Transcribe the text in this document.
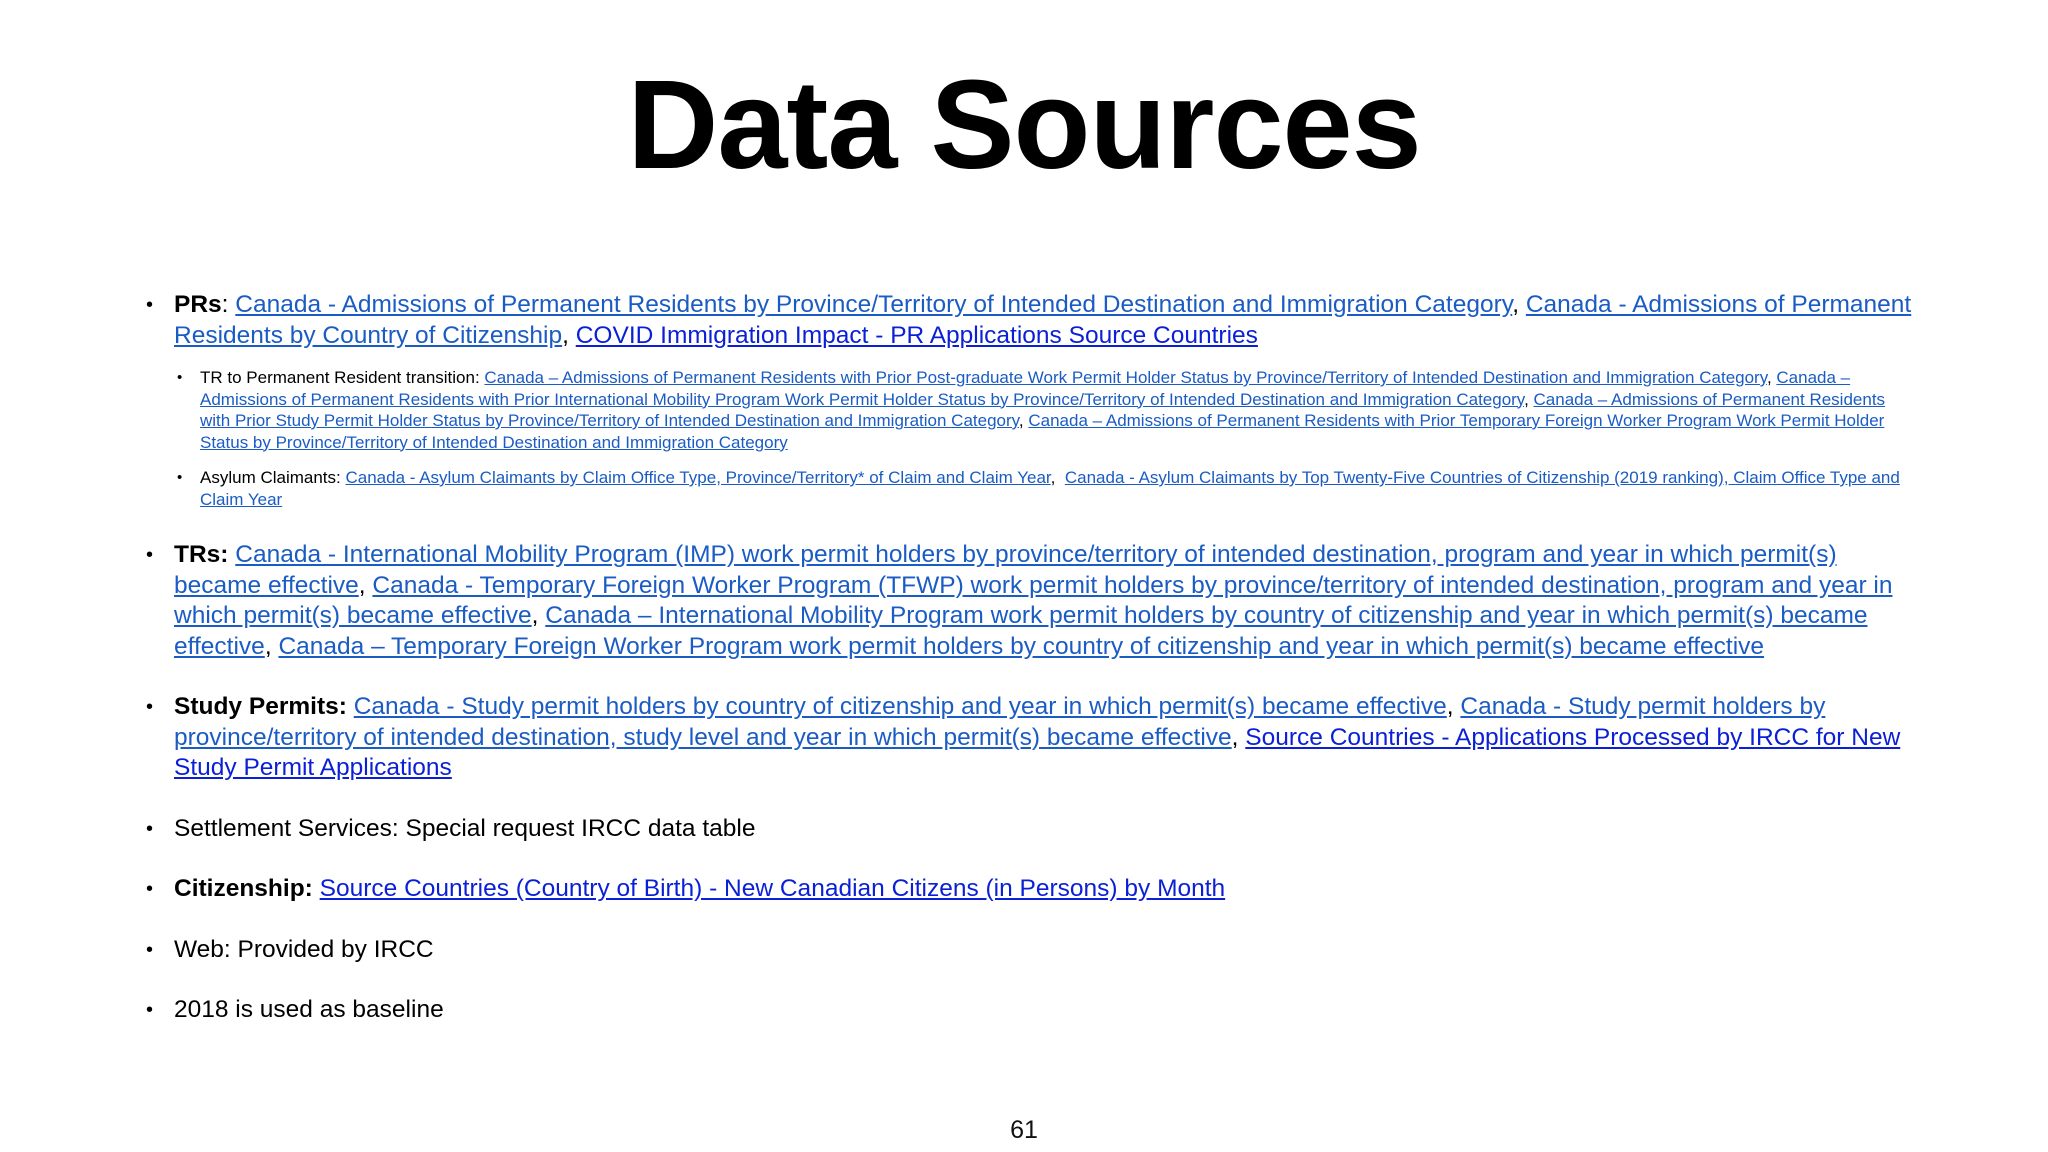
Data Sources
• PRs: Canada - Admissions of Permanent Residents by Province/Territory of Intended Destination and Immigration Category, Canada - Admissions of Permanent Residents by Country of Citizenship, COVID Immigration Impact - PR Applications Source Countries
• TR to Permanent Resident transition: Canada – Admissions of Permanent Residents with Prior Post-graduate Work Permit Holder Status by Province/Territory of Intended Destination and Immigration Category, Canada – Admissions of Permanent Residents with Prior International Mobility Program Work Permit Holder Status by Province/Territory of Intended Destination and Immigration Category, Canada – Admissions of Permanent Residents with Prior Study Permit Holder Status by Province/Territory of Intended Destination and Immigration Category, Canada – Admissions of Permanent Residents with Prior Temporary Foreign Worker Program Work Permit Holder Status by Province/Territory of Intended Destination and Immigration Category
• Asylum Claimants: Canada - Asylum Claimants by Claim Office Type, Province/Territory* of Claim and Claim Year,  Canada - Asylum Claimants by Top Twenty-Five Countries of Citizenship (2019 ranking), Claim Office Type and Claim Year
• TRs: Canada - International Mobility Program (IMP) work permit holders by province/territory of intended destination, program and year in which permit(s) became effective, Canada - Temporary Foreign Worker Program (TFWP) work permit holders by province/territory of intended destination, program and year in which permit(s) became effective, Canada – International Mobility Program work permit holders by country of citizenship and year in which permit(s) became effective, Canada – Temporary Foreign Worker Program work permit holders by country of citizenship and year in which permit(s) became effective
• Study Permits: Canada - Study permit holders by country of citizenship and year in which permit(s) became effective, Canada - Study permit holders by province/territory of intended destination, study level and year in which permit(s) became effective, Source Countries - Applications Processed by IRCC for New Study Permit Applications
• Settlement Services: Special request IRCC data table
• Citizenship: Source Countries (Country of Birth) - New Canadian Citizens (in Persons) by Month
• Web: Provided by IRCC
• 2018 is used as baseline
61
